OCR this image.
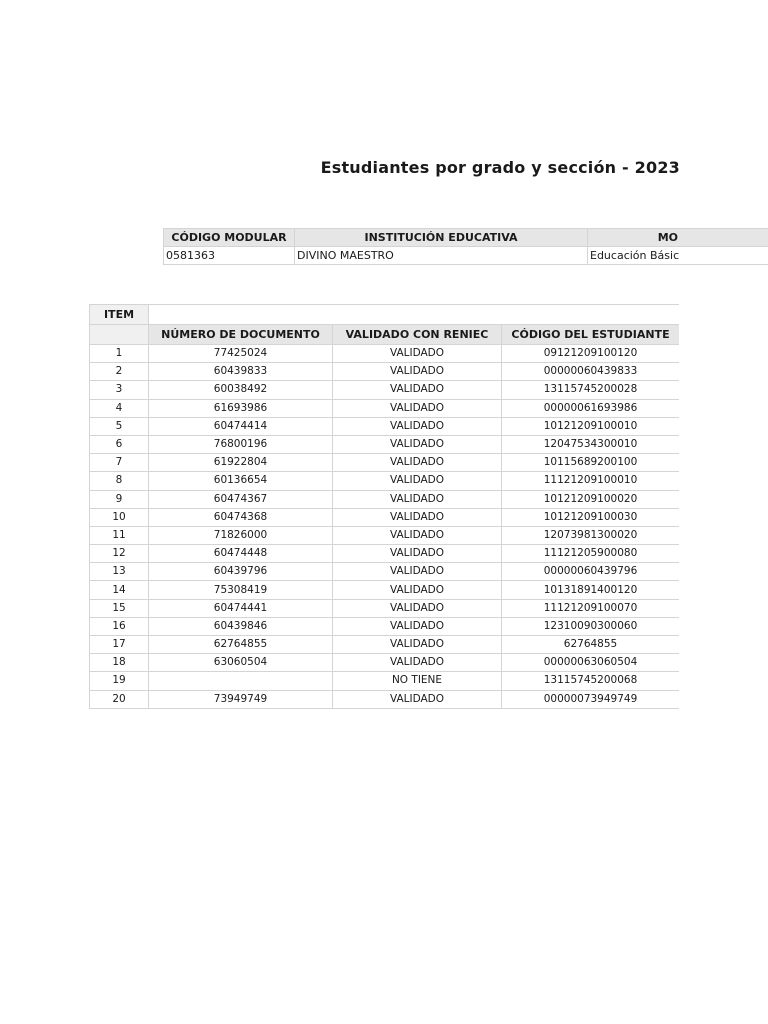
Estudiantes por grado y sección - 2023
CÓDIGO MODULAR	INSTITUCIÓN EDUCATIVA	MO
0581363	DIVINO MAESTRO	Educación Básic
ITEM			
	NÚMERO DE DOCUMENTO	VALIDADO CON RENIEC	CÓDIGO DEL ESTUDIANTE
1	77425024	VALIDADO	09121209100120
2	60439833	VALIDADO	00000060439833
3	60038492	VALIDADO	13115745200028
4	61693986	VALIDADO	00000061693986
5	60474414	VALIDADO	10121209100010
6	76800196	VALIDADO	12047534300010
7	61922804	VALIDADO	10115689200100
8	60136654	VALIDADO	11121209100010
9	60474367	VALIDADO	10121209100020
10	60474368	VALIDADO	10121209100030
11	71826000	VALIDADO	12073981300020
12	60474448	VALIDADO	11121205900080
13	60439796	VALIDADO	00000060439796
14	75308419	VALIDADO	10131891400120
15	60474441	VALIDADO	11121209100070
16	60439846	VALIDADO	12310090300060
17	62764855	VALIDADO	62764855
18	63060504	VALIDADO	00000063060504
19		NO TIENE	13115745200068
20	73949749	VALIDADO	00000073949749
